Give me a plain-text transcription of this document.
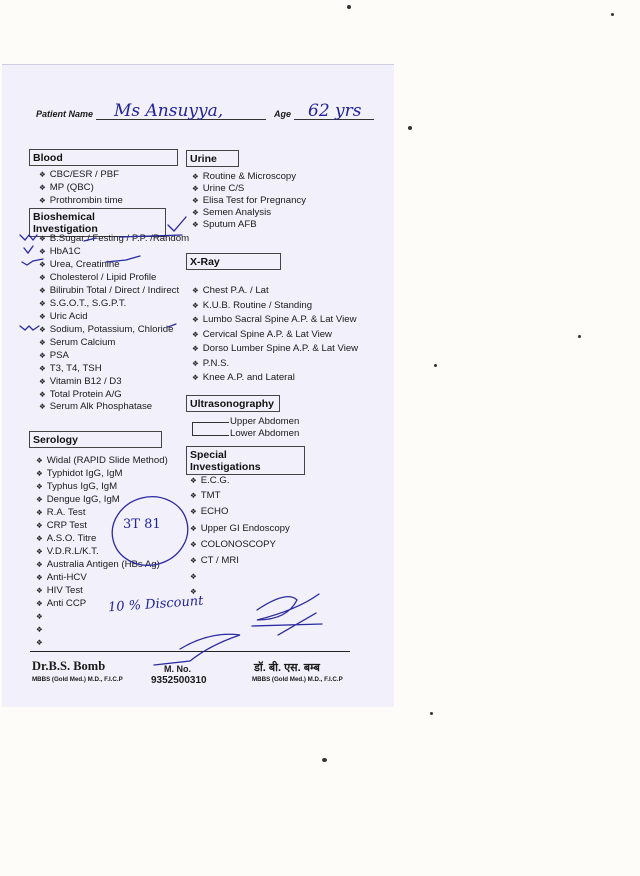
Patient Name Ms Ansuyya,	Age 62 yrs
Blood
Bioshemical Investigation
Serology
Urine
X-Ray
Ultrasonography
Special Investigations
❖ CBC/ESR / PBF
❖ MP (QBC)
❖ Prothrombin time
❖ B.Sugar / Festing / P.P. /Random
❖ HbA1C
❖ Urea, Creatinine
❖ Cholesterol / Lipid Profile
❖ Bilirubin Total / Direct / Indirect
❖ S.G.O.T., S.G.P.T.
❖ Uric Acid
❖ Sodium, Potassium, Chloride
❖ Serum Calcium
❖ PSA
❖ T3, T4, TSH
❖ Vitamin B12 / D3
❖ Total Protein A/G
❖ Serum Alk Phosphatase
❖ Widal (RAPID Slide Method)
❖ Typhidot IgG, IgM
❖ Typhus IgG, IgM
❖ Dengue IgG, IgM
❖ R.A. Test
❖ CRP Test
❖ A.S.O. Titre
❖ V.D.R.L/K.T.
❖ Australia Antigen (HBs Ag)
❖ Anti-HCV
❖ HIV Test
❖ Anti CCP
❖
❖
❖
❖ Routine & Microscopy
❖ Urine C/S
❖ Elisa Test for Pregnancy
❖ Semen Analysis
❖ Sputum AFB
❖ Chest P.A. / Lat
❖ K.U.B. Routine / Standing
❖ Lumbo Sacral Spine A.P. & Lat View
❖ Cervical Spine A.P. & Lat View
❖ Dorso Lumber Spine A.P. & Lat View
❖ P.N.S.
❖ Knee A.P. and Lateral
Upper Abdomen
Lower Abdomen
❖ E.C.G.
❖ TMT
❖ ECHO
❖ Upper GI Endoscopy
❖ COLONOSCOPY
❖ CT / MRI
❖
❖
Dr.B.S. Bomb
MBBS (Gold Med.) M.D., F.I.C.P
M. No.
9352500310
डॉ. बी. एस. बम्ब
MBBS (Gold Med.) M.D., F.I.C.P
10 % Discount
3T 81
